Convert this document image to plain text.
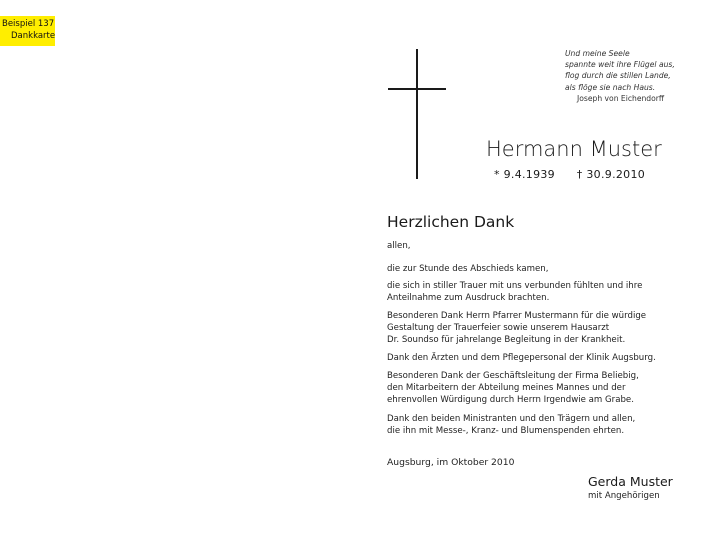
Beispiel 137
Dankkarte
Und meine Seele
spannte weit ihre Flügel aus,
flog durch die stillen Lande,
als flöge sie nach Haus.
Joseph von Eichendorff
Hermann Muster
* 9.4.1939 † 30.9.2010
Herzlichen Dank
allen,
die zur Stunde des Abschieds kamen,
die sich in stiller Trauer mit uns verbunden fühlten und ihre
Anteilnahme zum Ausdruck brachten.
Besonderen Dank Herrn Pfarrer Mustermann für die würdige
Gestaltung der Trauerfeier sowie unserem Hausarzt
Dr. Soundso für jahrelange Begleitung in der Krankheit.
Dank den Ärzten und dem Pflegepersonal der Klinik Augsburg.
Besonderen Dank der Geschäftsleitung der Firma Beliebig,
den Mitarbeitern der Abteilung meines Mannes und der
ehrenvollen Würdigung durch Herrn Irgendwie am Grabe.
Dank den beiden Ministranten und den Trägern und allen,
die ihn mit Messe-, Kranz- und Blumenspenden ehrten.
Augsburg, im Oktober 2010
Gerda Muster
mit Angehörigen
